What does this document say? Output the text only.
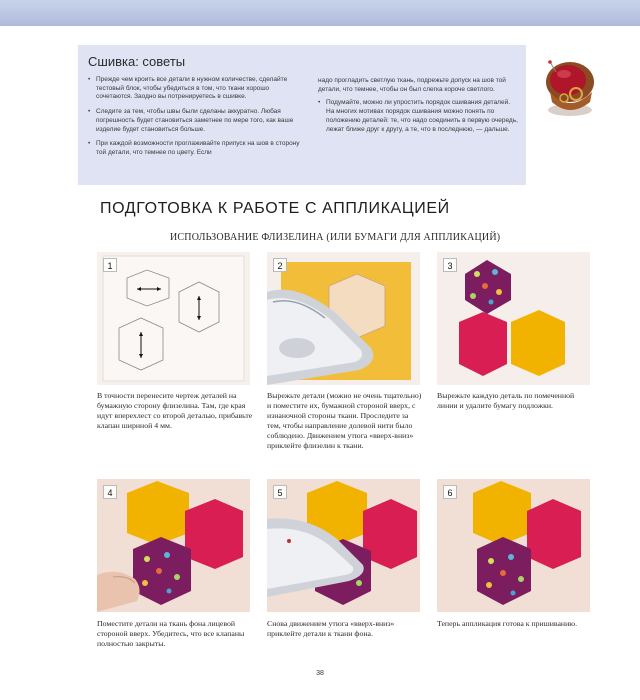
Сшивка: советы
• Прежде чем кроить все детали в нужном количестве, сделайте тестовый блок, чтобы убедиться в том, что ткани хорошо сочетаются. Заодно вы потренируетесь в сшивке.
• Следите за тем, чтобы швы были сделаны аккуратно. Любая погрешность будет становиться заметнее по мере того, как ваше изделие будет становиться больше.
• При каждой возможности проглаживайте припуск на шов в сторону той детали, что темнее по цвету. Если

надо прогладить светлую ткань, подрежьте допуск на шов той детали, что темнее, чтобы он был слегка короче светлого.

• Подумайте, можно ли упростить порядок сшивания деталей. На многих мотивах порядок сшивания можно понять по положению деталей: те, что надо соединить в первую очередь, лежат ближе друг к другу, а те, что в последнюю, — дальше.
ПОДГОТОВКА К РАБОТЕ С АППЛИКАЦИЕЙ
ИСПОЛЬЗОВАНИЕ ФЛИЗЕЛИНА (ИЛИ БУМАГИ ДЛЯ АППЛИКАЦИЙ)
1
В точности перенесите чертеж деталей на бумажную сторону флизелина. Там, где края идут вперехлест со второй деталью, прибавьте клапан шириной 4 мм.
2
Вырежьте детали (можно не очень тщательно) и поместите их, бумажной стороной вверх, с изнаночной стороны ткани. Проследите за тем, чтобы направление долевой нити было соблюдено. Движением утюга «вверх-вниз» приклейте флизелин к ткани.
3
Вырежьте каждую деталь по помеченной линии и удалите бумагу подложки.
4
Поместите детали на ткань фона лицевой стороной вверх. Убедитесь, что все клапаны полностью закрыты.
5
Снова движением утюга «вверх-вниз» приклейте детали к ткани фона.
6
Теперь аппликация готова к пришиванию.
38
